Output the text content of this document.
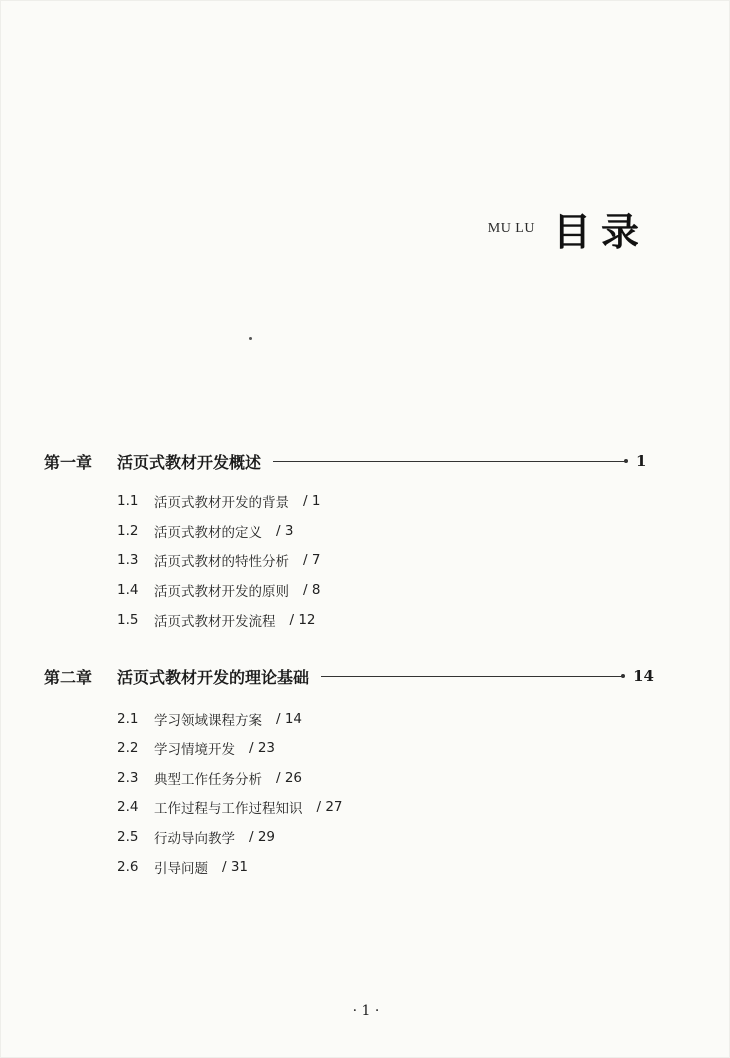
MU LU 目录
第一章	活页式教材开发概述	1
1.1	活页式教材开发的背景 / 1
1.2	活页式教材的定义 / 3
1.3	活页式教材的特性分析 / 7
1.4	活页式教材开发的原则 / 8
1.5	活页式教材开发流程 / 12
第二章	活页式教材开发的理论基础	14
2.1	学习领域课程方案 / 14
2.2	学习情境开发 / 23
2.3	典型工作任务分析 / 26
2.4	工作过程与工作过程知识 / 27
2.5	行动导向教学 / 29
2.6	引导问题 / 31
· 1 ·
